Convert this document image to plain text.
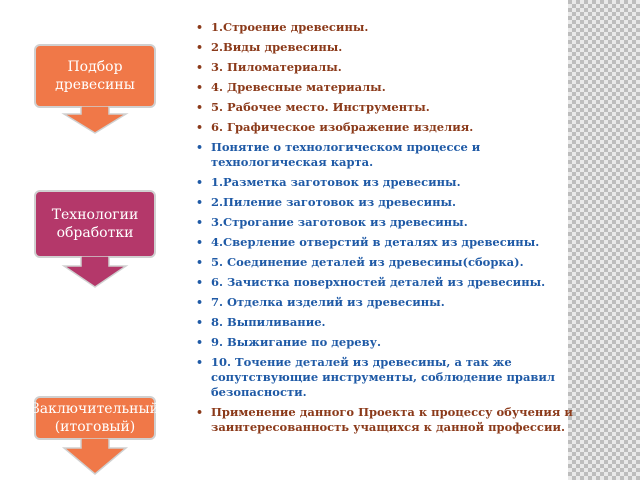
Подбор древесины
Технологии обработки
Заключительный (итоговый)
• 1.Строение древесины.
• 2.Виды древесины.
• 3. Пиломатериалы.
• 4. Древесные материалы.
• 5. Рабочее место. Инструменты.
• 6. Графическое изображение изделия.
• Понятие о технологическом процессе и технологическая карта.
• 1.Разметка заготовок из древесины.
• 2.Пиление заготовок из древесины.
• 3.Строгание заготовок из древесины.
• 4.Сверление отверстий в деталях из древесины.
• 5. Соединение деталей из древесины(сборка).
• 6. Зачистка поверхностей деталей из древесины.
• 7. Отделка изделий из древесины.
• 8. Выпиливание.
• 9. Выжигание по дереву.
• 10. Точение деталей из древесины, а так же сопутствующие инструменты, соблюдение правил безопасности.
• Применение данного Проекта к процессу обучения и заинтересованность учащихся к данной профессии.
